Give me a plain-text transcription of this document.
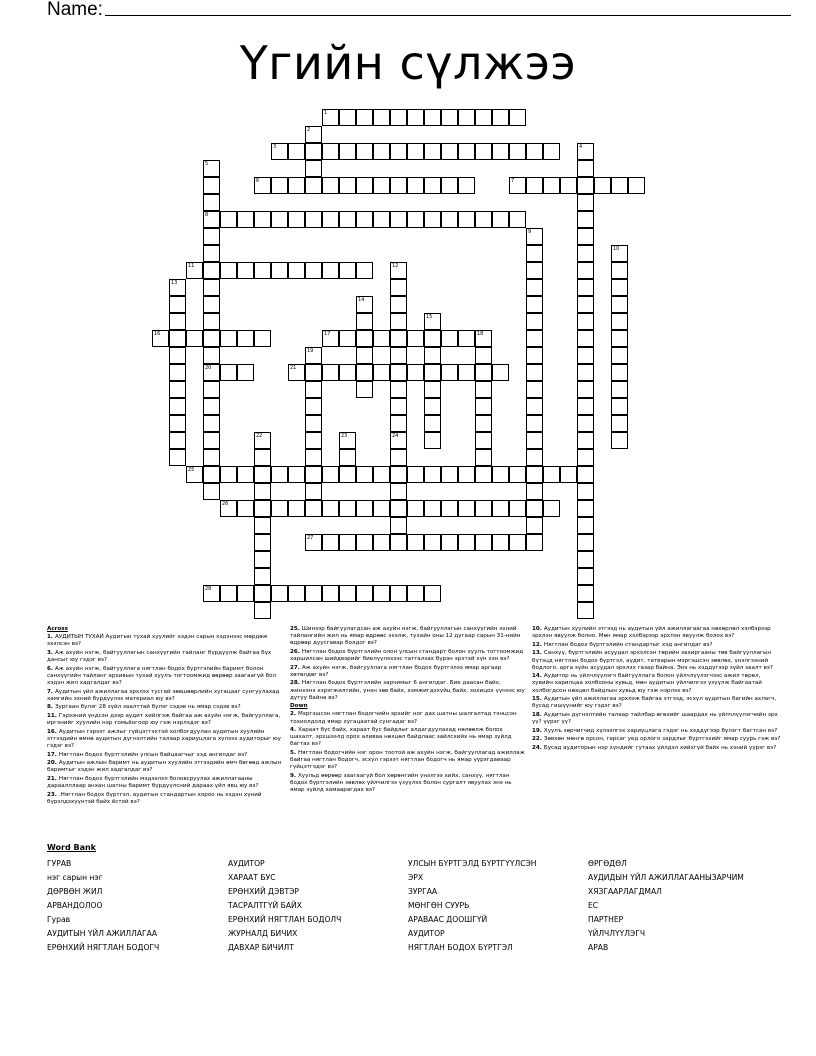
Name:
Үгийн сүлжээ
1
2
3	4
5
8
20
6	7
9
10
11	12
24
13
14
15
16	17	18
19
21
22	23
25
26
27
28
Across
1. АУДИТЫН ТУХАЙ Аудитын тухай хуулийг хэдэн сарын хэдэнээс мөрдөж эхэлсэн вэ?
3. Аж ахуйн нэгж, байгууллагын санхүүгийн тайланг бүрдүүлж байгаа бүх дансыг юу гэдэг вэ?
6. Аж ахуйн нэгж, байгууллага нягтлан бодох бүртгэлийн баримт болон санхүүгийн тайланг архивын тухай хуулъ тогтоомжид өөрөөр заагаагүй бол хэдэн жил хадгалдаг вэ?
7. Аудитын үйл ажиллагаа эрхлэх тусгай зөвшөөрлийн хугацааг сунгуулахад хамгийн эхний бүрдүүлэх материал юу вэ?
8. Зургаан булэг 28 зүйл заалттай булэг сэдэв нь ямар сэдэв вэ?
11. Гэрээний үндсэн дээр аудит хийлгэж байгаа аж ахуйн нэгж, байгууллага, иргэнийг хуулийн нэр томьёогоор юу гэж нэрлэдэг вэ?
16. Аудитын гэрээт ажлыг гүйцэтгэхтэй холбогдуулан аудитын хуулийн этгээдийн өмнө аудитын дүгнэлтийн талаар хариуцлага хүлээх аудиторыг юу гэдэг вэ?
17. Нягтлан бодох бүртгэлийн улсын байцаагчыг хэд ангилдаг вэ?
20. Аудитын ажлын баримт нь аудитын хуулийн этгээдийн өмч бөгөөд ажлын баримтыг хэдэн жил хадгалдаг вэ?
21. Нягтлан бодох бүртгэлийн мэдээлэл боловсруулах ажиллагааны дараалллаар анхан шатны баримт бүрдүүлсний дараах үйл явц юу вэ?
23. .Нягтлан бодох бүртгэл, аудитын стандартын хороо нь хэдэн хүний бүрэлдэхүүнтэй байх ёстой вэ?
25. Шинээр байгуулагдсан аж ахуйн нэгж, байгууллагын санхүүгийн эхний тайлангийн жил нь ямар өдрөөс эхэлж, тухайн оны 12 дугаар сарын 31-нийн өдрөөр дуусгавар болдог вэ?
26. Нягтлан бодох бүртгэлийн олон улсын стандарт болон хуулъ тогтоомжид харшилсан шийдвэрийг биелүүлэхээс татгалзах бүрэн эрхтэй хүн хэн вэ?
27. Аж ахуйн нэгж, байгууллага нягтлан бодох бүртгэлээ ямар аргаар хөтөлдөг вэ?
28. Нягтлан бодох бүртгэлийн зарчимыг 6 ангилдаг. Бие даасан байх, жинхэнэ хэрэгжилтийн, үнэн зөв байх, хэмжигдэхүйц байх, зохицох үүнээс юу дутуу байна вэ?
Down
2. Мэргэшсэн нягтлан бодогчийн эрхийг ног дах шатны шалгалтад тэнцсэн тохиолдолд ямар хугацаатай сунгадаг вэ?
4. Хараат бус байх, хараат бус байдлыг алдагдуулахад нөлөөлж болох шахалт, эрхшээлд орох аливаа нөхцөл байдлаас зайлсхийх нь ямар зүйлд багтах вэ?
5. Нягтлан бодогчийн нэг орон тоотой аж ахуйн нэгж, байгууллагад ажиллаж байгаа нягтлан бодогч, эсхүл гэрээт нягтлан бодогч нь ямар үүрэгдаваар гүйцэтгэдэг вэ?
9. Хуульд өөрөөр заагаагүй бол хөрөнгийн үнэлгээ хийх, санхүү, нягтлан бодох бүртгэлийн зөвлөх үйлчилгээ үзүүлэх болон сургалт явуулах энэ нь ямар зүйлд хамаарагдах вэ?
10. Аудитын хуулийн этгээд нь аудитын үйл ажиллагаагаа нөхөрлөл хэлбэрээр эрхлэн явуулж болно. Мөн ямар хэлбэрээр эрхлэн явуулж болох вэ?
12. Нягтлан бодох бүртгэлийн стандартыг хэд ангилдаг вэ?
13. Санхүү, бүртгэлийн асуудал эрхэлсэн төрийн захиргааны төв байгууллагын бүтэцд нягтлан бодох бүртгэл, аудит, татварын мэргэшсэн зөвлөх, үнэлгээний бодлого, арга зүйн асуудал эрхлэх газар байна. Энэ нь хэддүгээр зүйл заалт вэ?
14. Аудитор нь үйлчлүүлэгч байгууллага болон үйлчлүүлэгчээс ажил төрөл, хувийн харилцаа холбооны хувьд, мөн аудитын үйлчилгээ үзүүлж байгаатай холбогдсон нөхцөл байдлын хувьд юу гэж нэрлэх вэ?
15. Аудитын үйл ажиллагаа эрхлэж байгаа этгээд, эсхүл аудитын багийн ахлагч, бусад гишүүнийг юу гэдэг вэ?
18. Аудитын дүгнэлтийн талаар тайлбар өгөхийг шаардах нь үйлчлүүлэгчийн эрх үү? үүрэг үү?
19. Хуулъ зөрчигчид хүлээлгэх хариуцлага гэдэг нь хэддүгээр бүлэгт багтсан вэ?
22. Зөвхөн мөнгө орсон, гарсаг уед орлого зардлыг бүртгэхийг ямар суурь гэж вэ?
24. Бусад аудиторын нэр хүндийг гутаах үйлдэл хийхгүй байх нь хэний үүрэг вэ?
Word Bank
ГУРАВ	АУДИТОР	УЛСЫН БҮРТГЭЛД БҮРТГҮҮЛСЭН	ӨРГӨДӨЛ
нэг сарын нэг	ХАРААТ БУС	ЭРХ	АУДИДЫН ҮЙЛ АЖИЛЛАГААНЫЗАРЧИМ
ДӨРВӨН ЖИЛ	ЕРӨНХИЙ ДЭВТЭР	ЗУРГАА	ХЯЗГААРЛАГДМАЛ
АРВАНДОЛОО	ТАСРАЛТГҮЙ БАЙХ	МӨНГӨН СУУРЬ	ЕС
Гурав	ЕРӨНХИЙ НЯГТЛАН БОДОЛЧ	АРАВААС ДООШГҮЙ	ПАРТНЕР
АУДИТЫН ҮЙЛ АЖИЛЛАГАА	ЖУРНАЛД БИЧИХ	АУДИТОР	ҮЙЛЧЛҮҮЛЭГЧ
ЕРӨНХИЙ НЯГТЛАН БОДОГЧ	ДАВХАР БИЧИЛТ	НЯГТЛАН БОДОХ БҮРТГЭЛ	АРАВ
